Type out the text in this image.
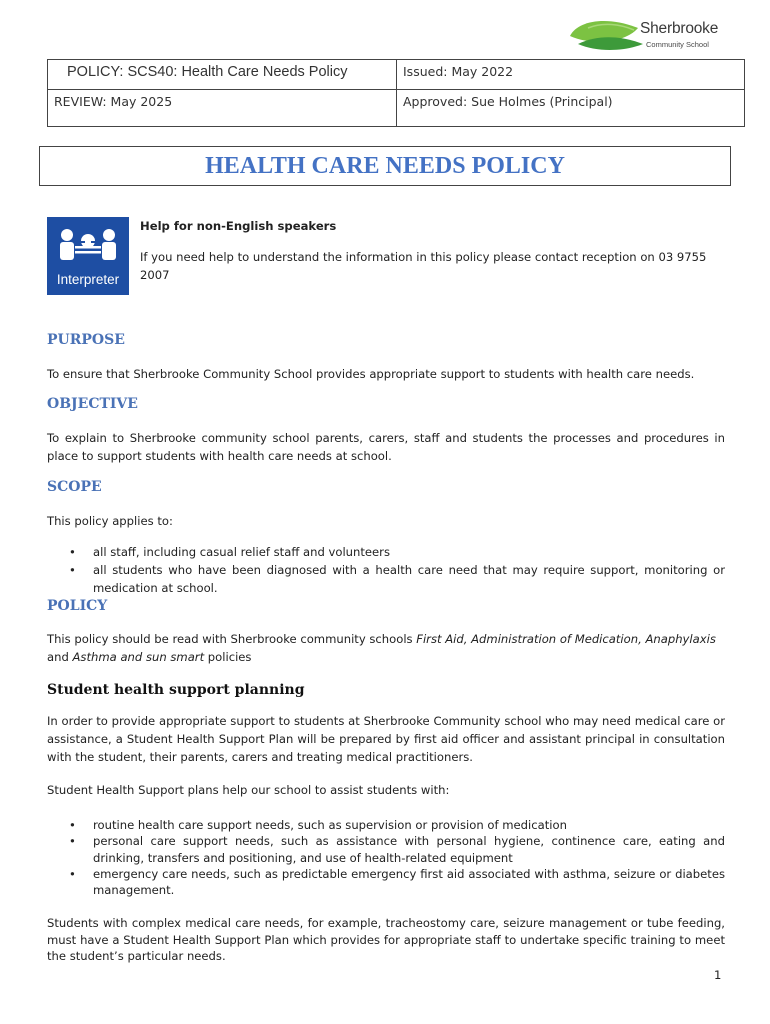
Sherbrooke
Community School
POLICY: SCS40: Health Care Needs Policy	Issued: May 2022

REVIEW: May 2025	Approved: Sue Holmes (Principal)
HEALTH CARE NEEDS POLICY
Interpreter
Help for non-English speakers
If you need help to understand the information in this policy please contact reception on 03 9755 2007
PURPOSE
To ensure that Sherbrooke Community School provides appropriate support to students with health care needs.
OBJECTIVE
To explain to Sherbrooke community school parents, carers, staff and students the processes and procedures in place to support students with health care needs at school.
SCOPE
This policy applies to:
• all staff, including casual relief staff and volunteers
• all students who have been diagnosed with a health care need that may require support, monitoring or medication at school.
POLICY
This policy should be read with Sherbrooke community schools First Aid, Administration of Medication, Anaphylaxis
and Asthma and sun smart policies
Student health support planning
In order to provide appropriate support to students at Sherbrooke Community school who may need medical care or assistance, a Student Health Support Plan will be prepared by first aid officer and assistant principal in consultation with the student, their parents, carers and treating medical practitioners.
Student Health Support plans help our school to assist students with:
• routine health care support needs, such as supervision or provision of medication
• personal care support needs, such as assistance with personal hygiene, continence care, eating and drinking, transfers and positioning, and use of health-related equipment
• emergency care needs, such as predictable emergency first aid associated with asthma, seizure or diabetes management.
Students with complex medical care needs, for example, tracheostomy care, seizure management or tube feeding, must have a Student Health Support Plan which provides for appropriate staff to undertake specific training to meet the student’s particular needs.
1
